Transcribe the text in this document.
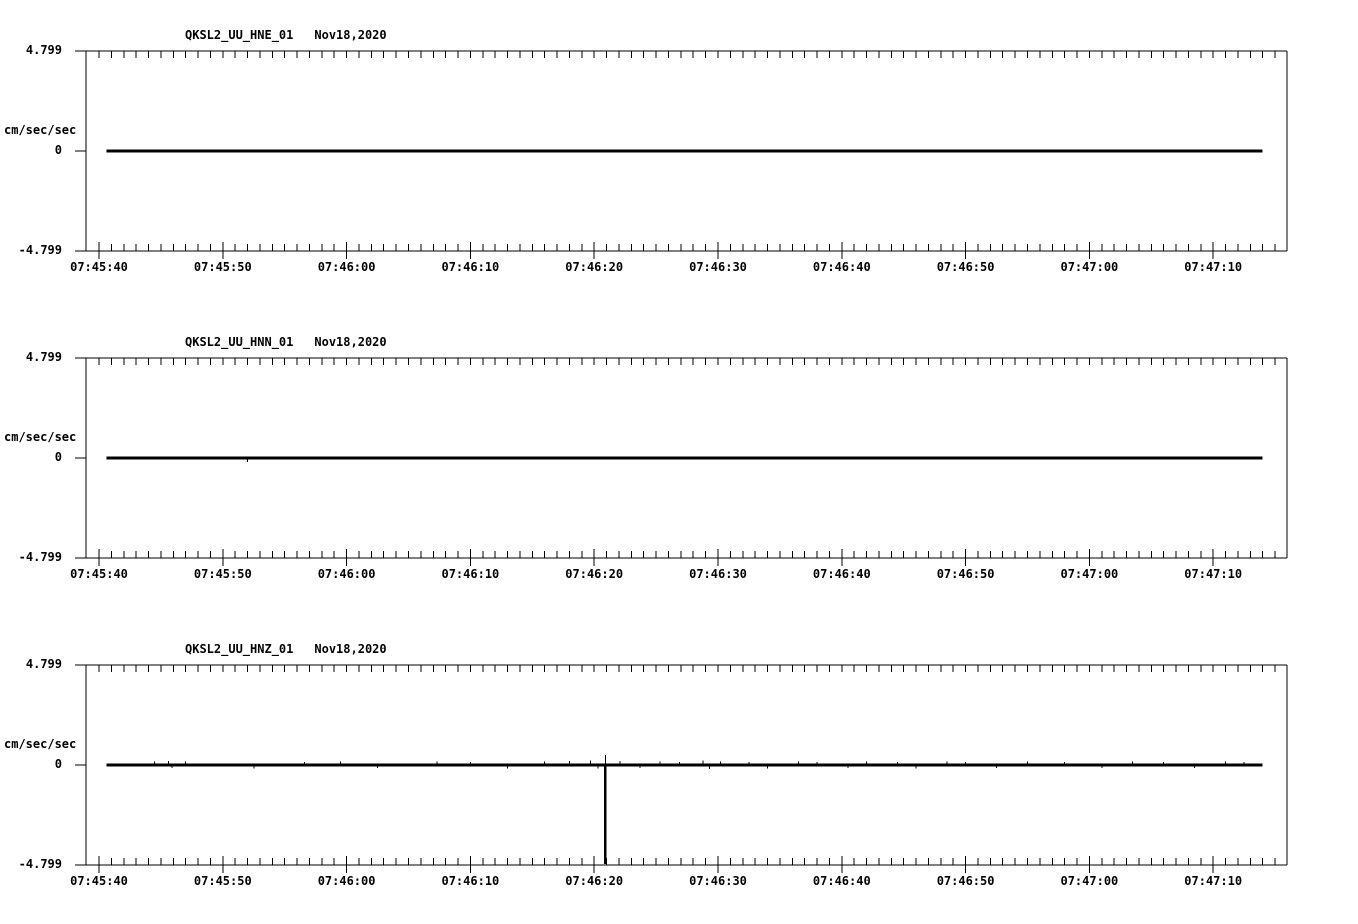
QKSL2_UU_HNE_01 Nov18,2020
4.799
cm/sec/sec
0
-4.799
07:45:40	07:45:50	07:46:00	07:46:10	07:46:20	07:46:30	07:46:40	07:46:50	07:47:00	07:47:10
QKSL2_UU_HNN_01 Nov18,2020
4.799
cm/sec/sec
0
-4.799
07:45:40	07:45:50	07:46:00	07:46:10	07:46:20	07:46:30	07:46:40	07:46:50	07:47:00	07:47:10
QKSL2_UU_HNZ_01 Nov18,2020
4.799
cm/sec/sec
0
-4.799
07:45:40	07:45:50	07:46:00	07:46:10	07:46:20	07:46:30	07:46:40	07:46:50	07:47:00	07:47:10
